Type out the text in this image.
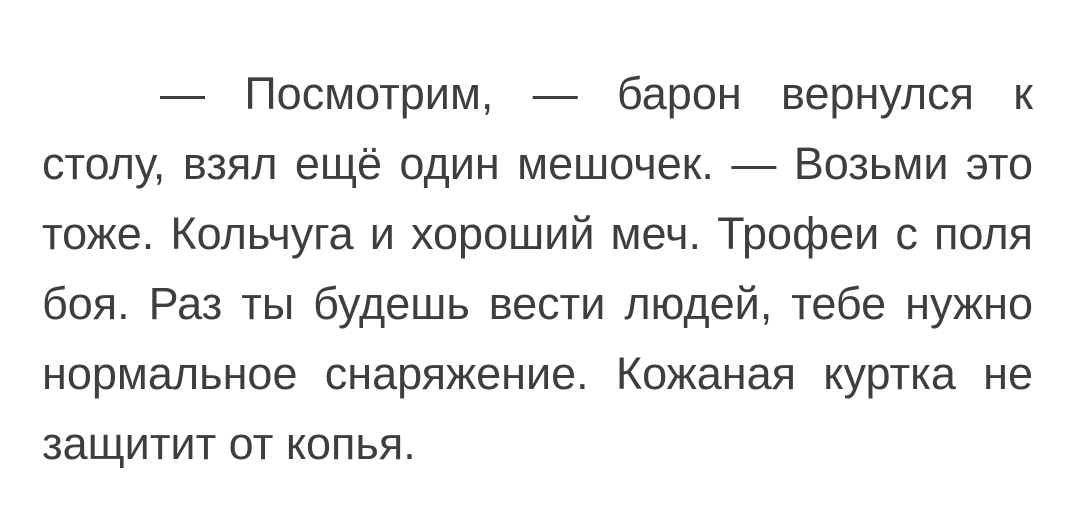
— Посмотрим, — барон вернулся к столу, взял ещё один мешочек. — Возьми это тоже. Кольчуга и хороший меч. Трофеи с поля боя. Раз ты будешь вести людей, тебе нужно нормальное снаряжение. Кожаная куртка не защитит от копья.
